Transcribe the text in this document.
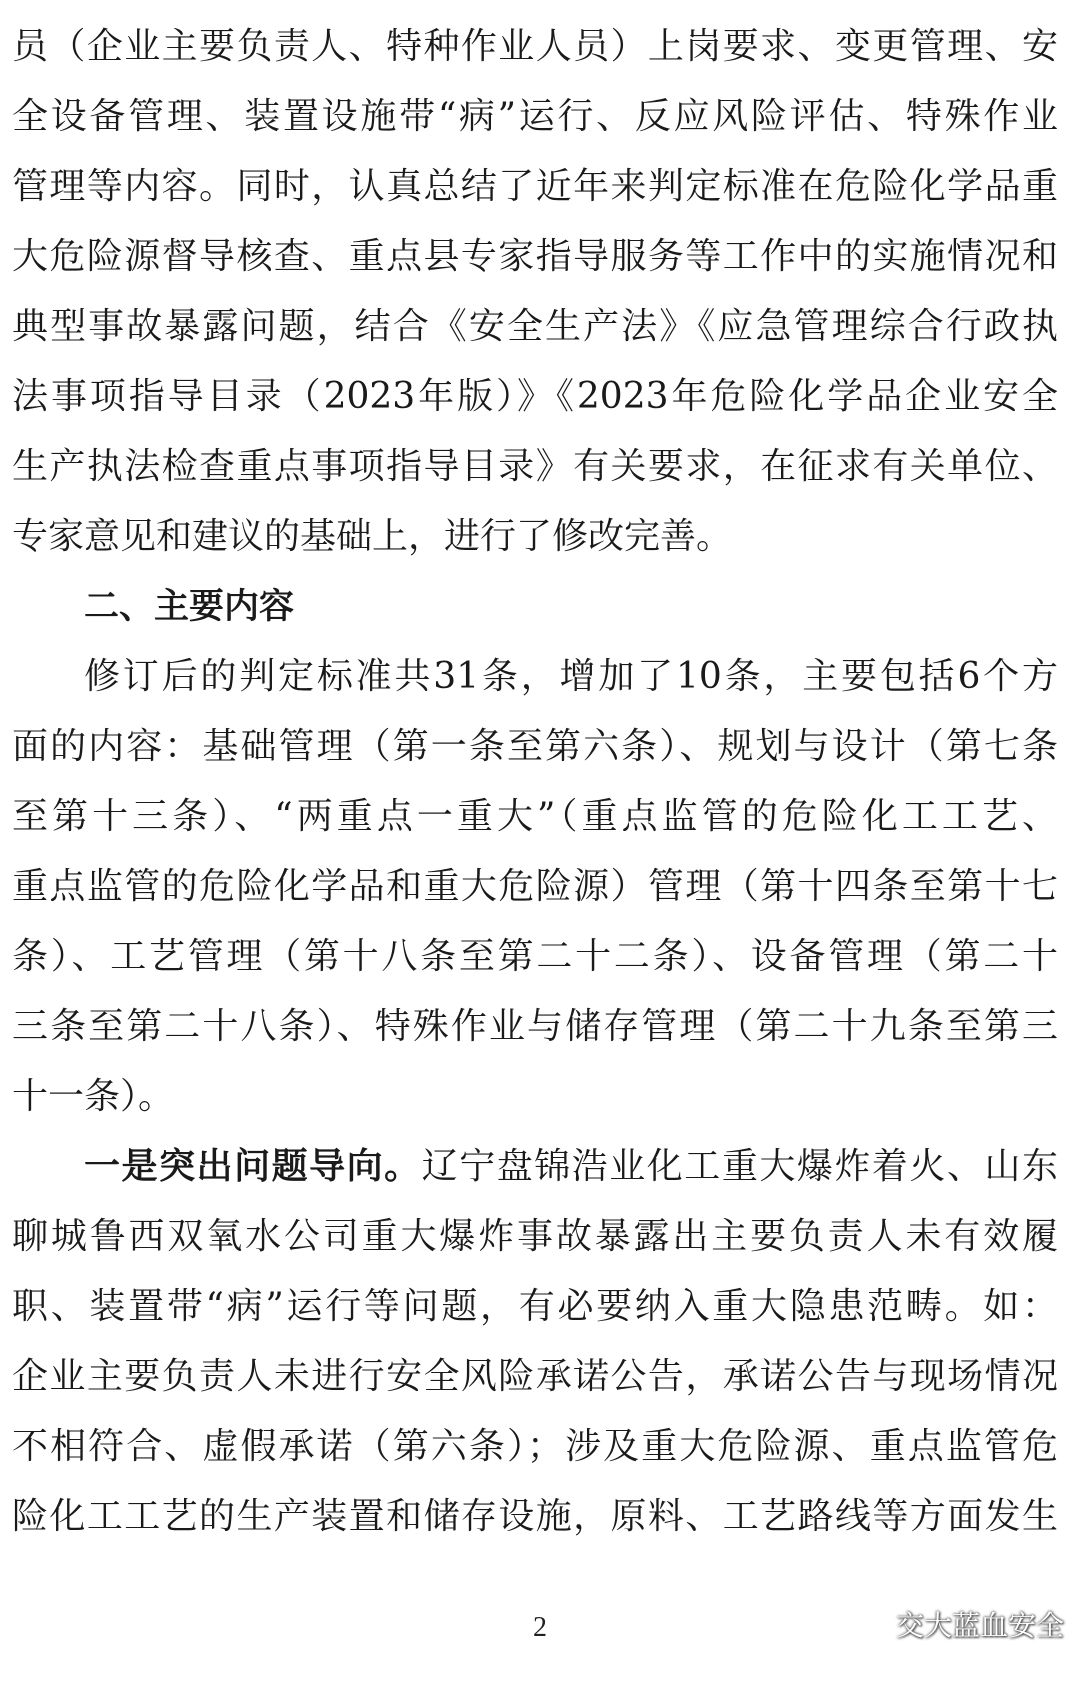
员（企业主要负责人、特种作业人员）上岗要求、变更管理、安
全设备管理、装置设施带“病”运行、反应风险评估、特殊作业
管理等内容。同时，认真总结了近年来判定标准在危险化学品重
大危险源督导核查、重点县专家指导服务等工作中的实施情况和
典型事故暴露问题，结合《安全生产法》《应急管理综合行政执
法事项指导目录（2023年版）》《2023年危险化学品企业安全
生产执法检查重点事项指导目录》有关要求，在征求有关单位、
专家意见和建议的基础上，进行了修改完善。
二、主要内容
修订后的判定标准共31条，增加了10条，主要包括6个方
面的内容：基础管理（第一条至第六条）、规划与设计（第七条
至第十三条）、“两重点一重大”（重点监管的危险化工工艺、
重点监管的危险化学品和重大危险源）管理（第十四条至第十七
条）、工艺管理（第十八条至第二十二条）、设备管理（第二十
三条至第二十八条）、特殊作业与储存管理（第二十九条至第三
十一条）。
一是突出问题导向。辽宁盘锦浩业化工重大爆炸着火、山东
聊城鲁西双氧水公司重大爆炸事故暴露出主要负责人未有效履
职、装置带“病”运行等问题，有必要纳入重大隐患范畴。如：
企业主要负责人未进行安全风险承诺公告，承诺公告与现场情况
不相符合、虚假承诺（第六条）；涉及重大危险源、重点监管危
险化工工艺的生产装置和储存设施，原料、工艺路线等方面发生
2	交大蓝血安全
